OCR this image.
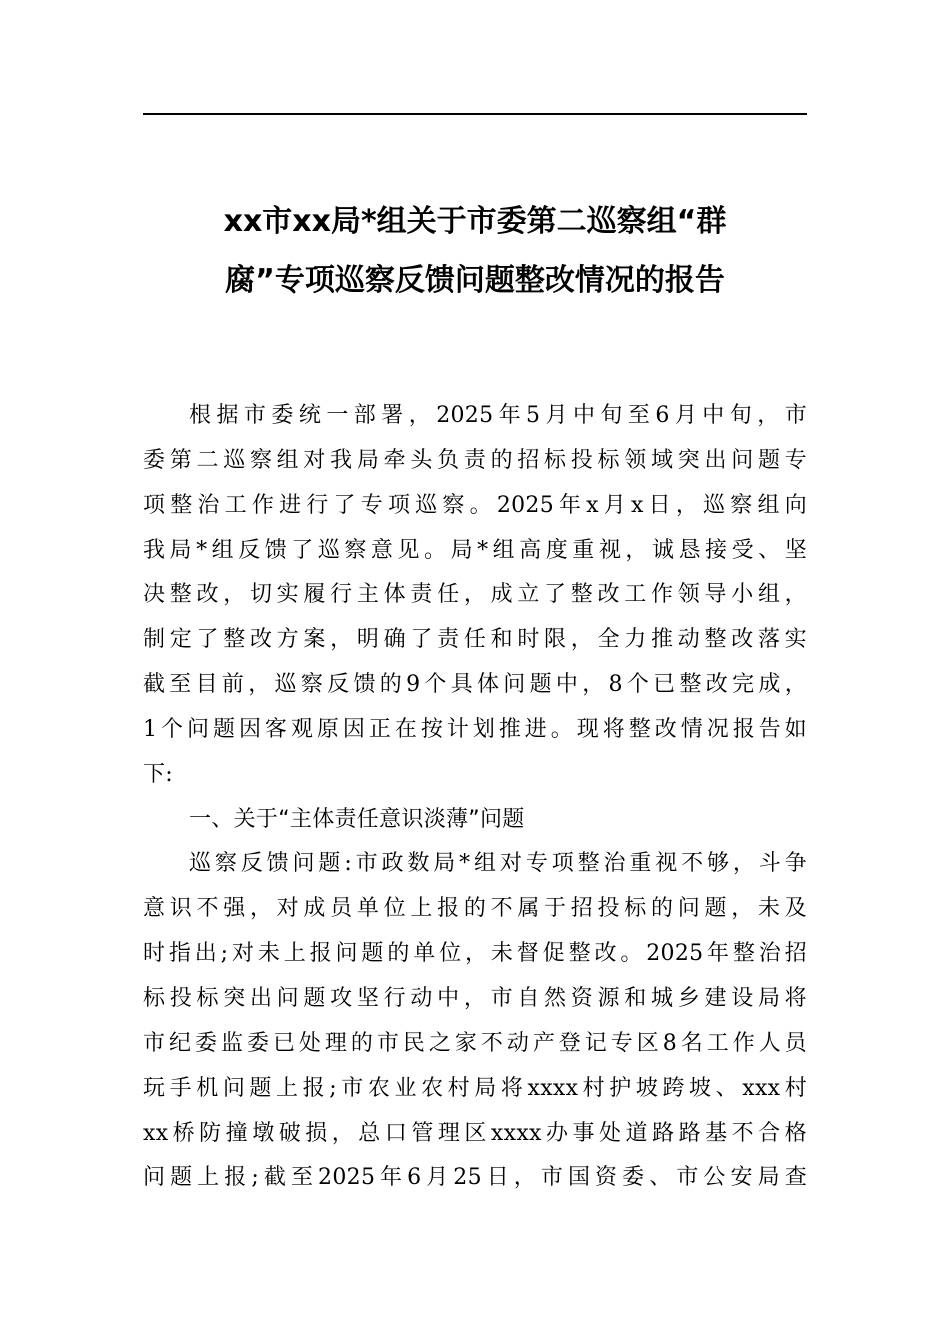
xx市xx局*组关于市委第二巡察组“群
腐”专项巡察反馈问题整改情况的报告
根据市委统一部署，2025年5月中旬至6月中旬，市
委第二巡察组对我局牵头负责的招标投标领域突出问题专
项整治工作进行了专项巡察。2025年x月x日，巡察组向
我局*组反馈了巡察意见。局*组高度重视，诚恳接受、坚
决整改，切实履行主体责任，成立了整改工作领导小组，
制定了整改方案，明确了责任和时限，全力推动整改落实
截至目前，巡察反馈的9个具体问题中，8个已整改完成，
1个问题因客观原因正在按计划推进。现将整改情况报告如
下:
一、关于“主体责任意识淡薄”问题
巡察反馈问题:市政数局*组对专项整治重视不够，斗争
意识不强，对成员单位上报的不属于招投标的问题，未及
时指出;对未上报问题的单位，未督促整改。2025年整治招
标投标突出问题攻坚行动中，市自然资源和城乡建设局将
市纪委监委已处理的市民之家不动产登记专区8名工作人员
玩手机问题上报;市农业农村局将xxxx村护坡跨坡、xxx村
xx桥防撞墩破损，总口管理区xxxx办事处道路路基不合格
问题上报;截至2025年6月25日，市国资委、市公安局查
